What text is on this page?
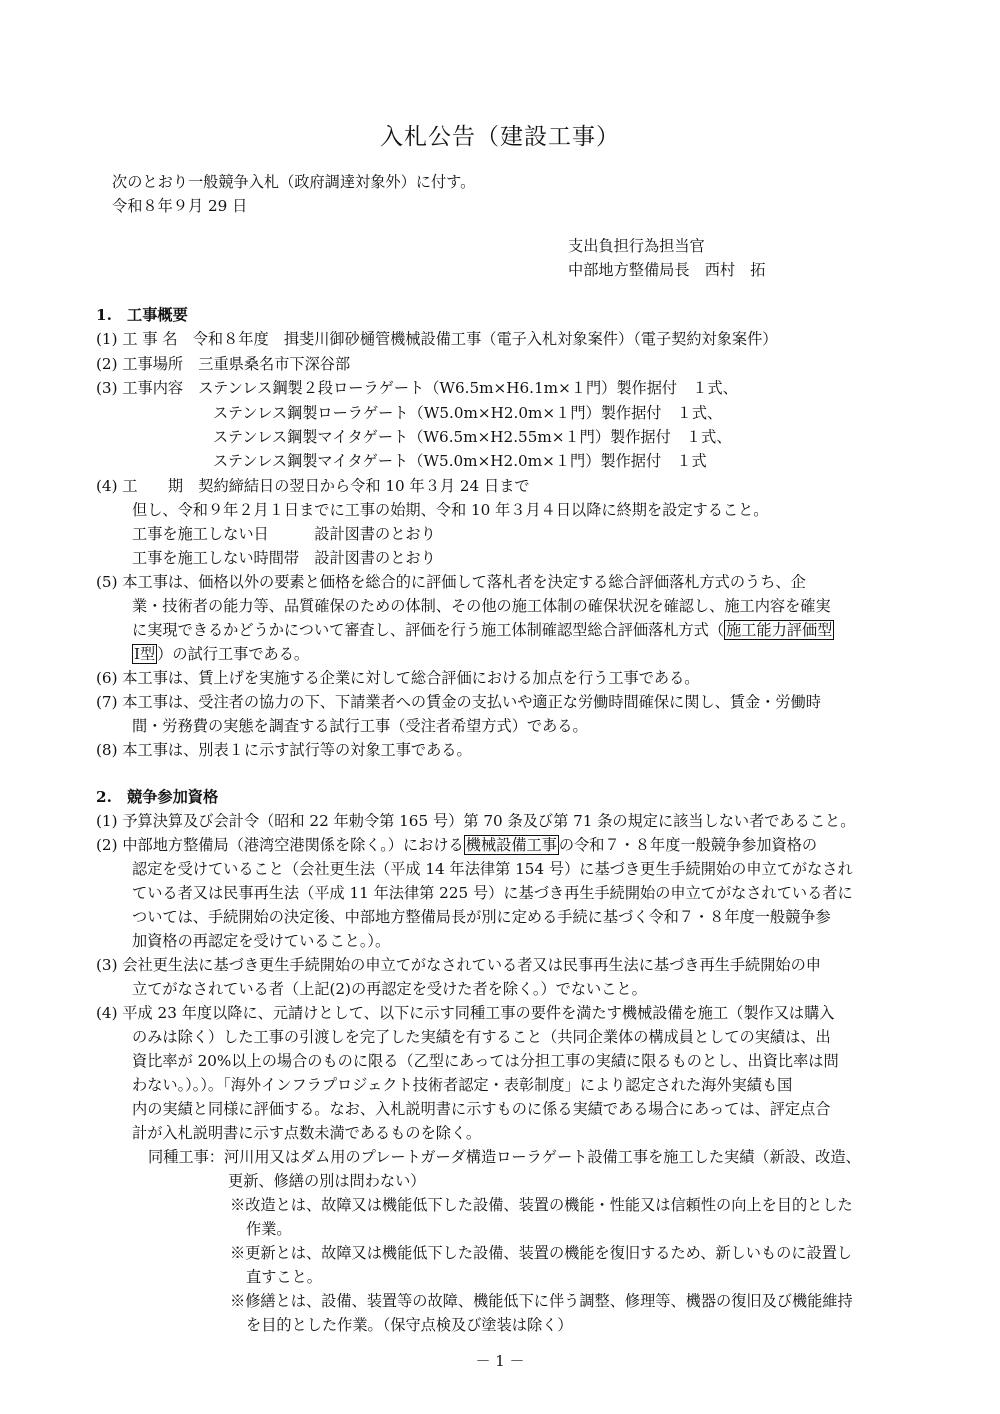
入札公告（建設工事）
次のとおり一般競争入札（政府調達対象外）に付す。
令和８年９月 29 日
支出負担行為担当官
中部地方整備局長　西村　拓
1.　工事概要
(1) 工 事 名　令和８年度　揖斐川御砂樋管機械設備工事（電子入札対象案件）（電子契約対象案件）
(2) 工事場所　三重県桑名市下深谷部
(3) 工事内容　ステンレス鋼製２段ローラゲート（W6.5m×H6.1m×１門）製作据付　１式、
ステンレス鋼製ローラゲート（W5.0m×H2.0m×１門）製作据付　１式、
ステンレス鋼製マイタゲート（W6.5m×H2.55m×１門）製作据付　１式、
ステンレス鋼製マイタゲート（W5.0m×H2.0m×１門）製作据付　１式
(4) 工　　期　契約締結日の翌日から令和 10 年３月 24 日まで
但し、令和９年２月１日までに工事の始期、令和 10 年３月４日以降に終期を設定すること。
工事を施工しない日　　　設計図書のとおり
工事を施工しない時間帯　設計図書のとおり
(5) 本工事は、価格以外の要素と価格を総合的に評価して落札者を決定する総合評価落札方式のうち、企
業・技術者の能力等、品質確保のための体制、その他の施工体制の確保状況を確認し、施工内容を確実
に実現できるかどうかについて審査し、評価を行う施工体制確認型総合評価落札方式（ 施工能力評価型
Ⅰ型 ）の試行工事である。
(6) 本工事は、賃上げを実施する企業に対して総合評価における加点を行う工事である。
(7) 本工事は、受注者の協力の下、下請業者への賃金の支払いや適正な労働時間確保に関し、賃金・労働時
間・労務費の実態を調査する試行工事（受注者希望方式）である。
(8) 本工事は、別表１に示す試行等の対象工事である。
2.　競争参加資格
(1) 予算決算及び会計令（昭和 22 年勅令第 165 号）第 70 条及び第 71 条の規定に該当しない者であること。
(2) 中部地方整備局（港湾空港関係を除く。）における 機械設備工事 の令和７・８年度一般競争参加資格の
認定を受けていること（会社更生法（平成 14 年法律第 154 号）に基づき更生手続開始の申立てがなされ
ている者又は民事再生法（平成 11 年法律第 225 号）に基づき再生手続開始の申立てがなされている者に
ついては、手続開始の決定後、中部地方整備局長が別に定める手続に基づく令和７・８年度一般競争参
加資格の再認定を受けていること。）。
(3) 会社更生法に基づき更生手続開始の申立てがなされている者又は民事再生法に基づき再生手続開始の申
立てがなされている者（上記(2)の再認定を受けた者を除く。）でないこと。
(4) 平成 23 年度以降に、元請けとして、以下に示す同種工事の要件を満たす機械設備を施工（製作又は購入
のみは除く）した工事の引渡しを完了した実績を有すること（共同企業体の構成員としての実績は、出
資比率が 20%以上の場合のものに限る（乙型にあっては分担工事の実績に限るものとし、出資比率は問
わない。）。）。「海外インフラプロジェクト技術者認定・表彰制度」により認定された海外実績も国
内の実績と同様に評価する。なお、入札説明書に示すものに係る実績である場合にあっては、評定点合
計が入札説明書に示す点数未満であるものを除く。
同種工事：河川用又はダム用のプレートガーダ構造ローラゲート設備工事を施工した実績（新設、改造、
更新、修繕の別は問わない）
※改造とは、故障又は機能低下した設備、装置の機能・性能又は信頼性の向上を目的とした
作業。
※更新とは、故障又は機能低下した設備、装置の機能を復旧するため、新しいものに設置し
直すこと。
※修繕とは、設備、装置等の故障、機能低下に伴う調整、修理等、機器の復旧及び機能維持
を目的とした作業。（保守点検及び塗装は除く）
－ 1 －
